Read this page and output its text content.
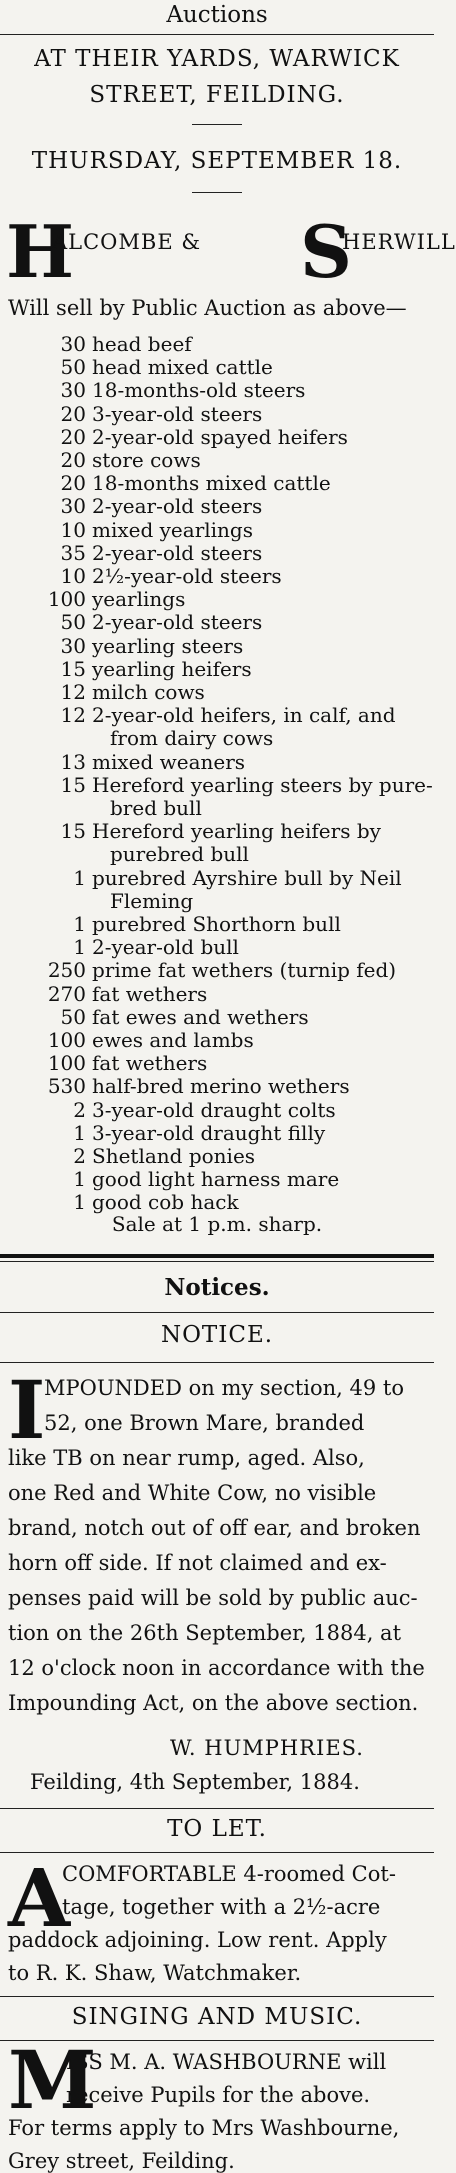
Auctions
AT THEIR YARDS, WARWICK
STREET, FEILDING.
THURSDAY, SEPTEMBER 18.
H
ALCOMBE & S
HERWILL
Will sell by Public Auction as above—
30 head beef
50 head mixed cattle
30 18-months-old steers
20 3-year-old steers
20 2-year-old spayed heifers
20 store cows
20 18-months mixed cattle
30 2-year-old steers
10 mixed yearlings
35 2-year-old steers
10 2½-year-old steers
100 yearlings
50 2-year-old steers
30 yearling steers
15 yearling heifers
12 milch cows
12 2-year-old heifers, in calf, and
from dairy cows
13 mixed weaners
15 Hereford yearling steers by pure-
bred bull
15 Hereford yearling heifers by
purebred bull
1 purebred Ayrshire bull by Neil
Fleming
1 purebred Shorthorn bull
1 2-year-old bull
250 prime fat wethers (turnip fed)
270 fat wethers
50 fat ewes and wethers
100 ewes and lambs
100 fat wethers
530 half-bred merino wethers
2 3-year-old draught colts
1 3-year-old draught filly
2 Shetland ponies
1 good light harness mare
1 good cob hack
Sale at 1 p.m. sharp.
Notices.
NOTICE.
I
MPOUNDED on my section, 49 to
52, one Brown Mare, branded
like TB on near rump, aged. Also,
one Red and White Cow, no visible
brand, notch out of off ear, and broken
horn off side. If not claimed and ex-
penses paid will be sold by public auc-
tion on the 26th September, 1884, at
12 o'clock noon in accordance with the
Impounding Act, on the above section.
W. HUMPHRIES.
Feilding, 4th September, 1884.
TO LET.
A
COMFORTABLE 4-roomed Cot-
tage, together with a 2½-acre
paddock adjoining. Low rent. Apply
to R. K. Shaw, Watchmaker.
SINGING AND MUSIC.
ISS M. A. WASHBOURNE will
receive Pupils for the above.
For terms apply to Mrs Washbourne,
Grey street, Feilding.
M
